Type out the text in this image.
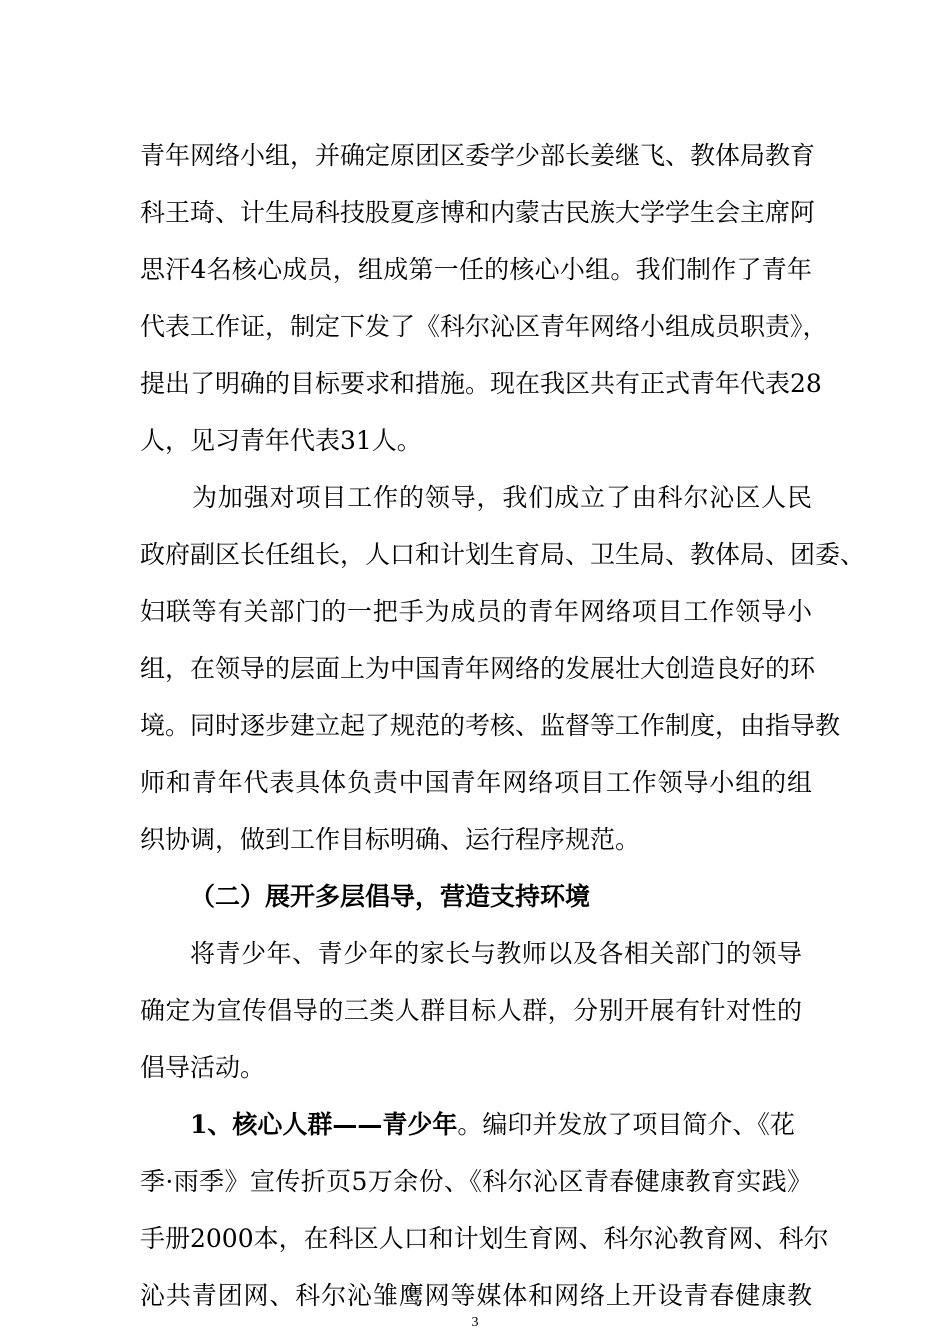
青年网络小组，并确定原团区委学少部长姜继飞、教体局教育
科王琦、计生局科技股夏彦博和内蒙古民族大学学生会主席阿
思汗4名核心成员，组成第一任的核心小组。我们制作了青年
代表工作证，制定下发了《科尔沁区青年网络小组成员职责》，
提出了明确的目标要求和措施。现在我区共有正式青年代表28
人，见习青年代表31人。
为加强对项目工作的领导，我们成立了由科尔沁区人民
政府副区长任组长，人口和计划生育局、卫生局、教体局、团委、
妇联等有关部门的一把手为成员的青年网络项目工作领导小
组，在领导的层面上为中国青年网络的发展壮大创造良好的环
境。同时逐步建立起了规范的考核、监督等工作制度，由指导教
师和青年代表具体负责中国青年网络项目工作领导小组的组
织协调，做到工作目标明确、运行程序规范。
（二）展开多层倡导，营造支持环境
将青少年、青少年的家长与教师以及各相关部门的领导
确定为宣传倡导的三类人群目标人群，分别开展有针对性的
倡导活动。
1、核心人群——青少年。编印并发放了项目简介、《花
季·雨季》宣传折页5万余份、《科尔沁区青春健康教育实践》
手册2000本，在科区人口和计划生育网、科尔沁教育网、科尔
沁共青团网、科尔沁雏鹰网等媒体和网络上开设青春健康教
3
